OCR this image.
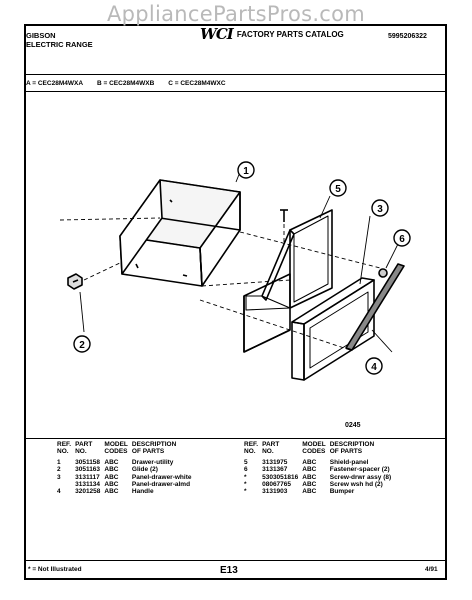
AppliancePartsPros.com
GIBSON
ELECTRIC RANGE
WCI FACTORY PARTS CATALOG	5995206322
A = CEC28M4WXA B = CEC28M4WXB C = CEC28M4WXC
1
2
3
4
5
6
0245
REF.
NO.	PART
NO.	MODEL
CODES	DESCRIPTION
OF PARTS
1	3051158	ABC	Drawer-utility
2	3051163	ABC	Glide (2)
3	3131117	ABC	Panel-drawer-white
	3131134	ABC	Panel-drawer-almd
4	3201258	ABC	Handle
REF.
NO.	PART
NO.	MODEL
CODES	DESCRIPTION
OF PARTS
5	3131975	ABC	Shield-panel
6	3131367	ABC	Fastener-spacer (2)
*	5303051816	ABC	Screw-drwr assy (8)
*	08067765	ABC	Screw wsh hd (2)
*	3131903	ABC	Bumper
* = Not Illustrated	E13	4/91
